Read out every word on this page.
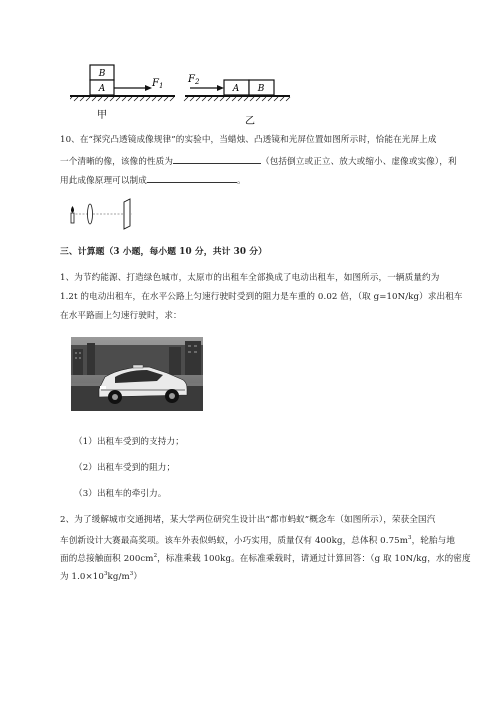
B
A	$F_1$
甲
$F_2$
A B
乙
10、在“探究凸透镜成像规律”的实验中，当蜡烛、凸透镜和光屏位置如图所示时，恰能在光屏上成
一个清晰的像，该像的性质为	（包括倒立或正立、放大或缩小、虚像或实像），利
用此成像原理可以制成	。
三、计算题（3 小题，每小题 10 分，共计 30 分）
1、为节约能源、打造绿色城市，太原市的出租车全部换成了电动出租车，如图所示，一辆质量约为
1.2t 的电动出租车，在水平公路上匀速行驶时受到的阻力是车重的 0.02 倍，（取 g=10N/kg）求出租车
在水平路面上匀速行驶时，求：
（1）出租车受到的支持力；
（2）出租车受到的阻力；
（3）出租车的牵引力。
2、为了缓解城市交通拥堵，某大学两位研究生设计出“都市蚂蚁”概念车（如图所示），荣获全国汽
车创新设计大赛最高奖项。该车外表似蚂蚁，小巧实用，质量仅有 400kg，总体积 $0.75m^3$，轮胎与地
面的总接触面积 $200cm^2$，标准乘载 100kg。在标准乘载时，请通过计算回答：（g 取 10N/kg，水的密度
为 $1.0\times 10^3kg/m^3$）
